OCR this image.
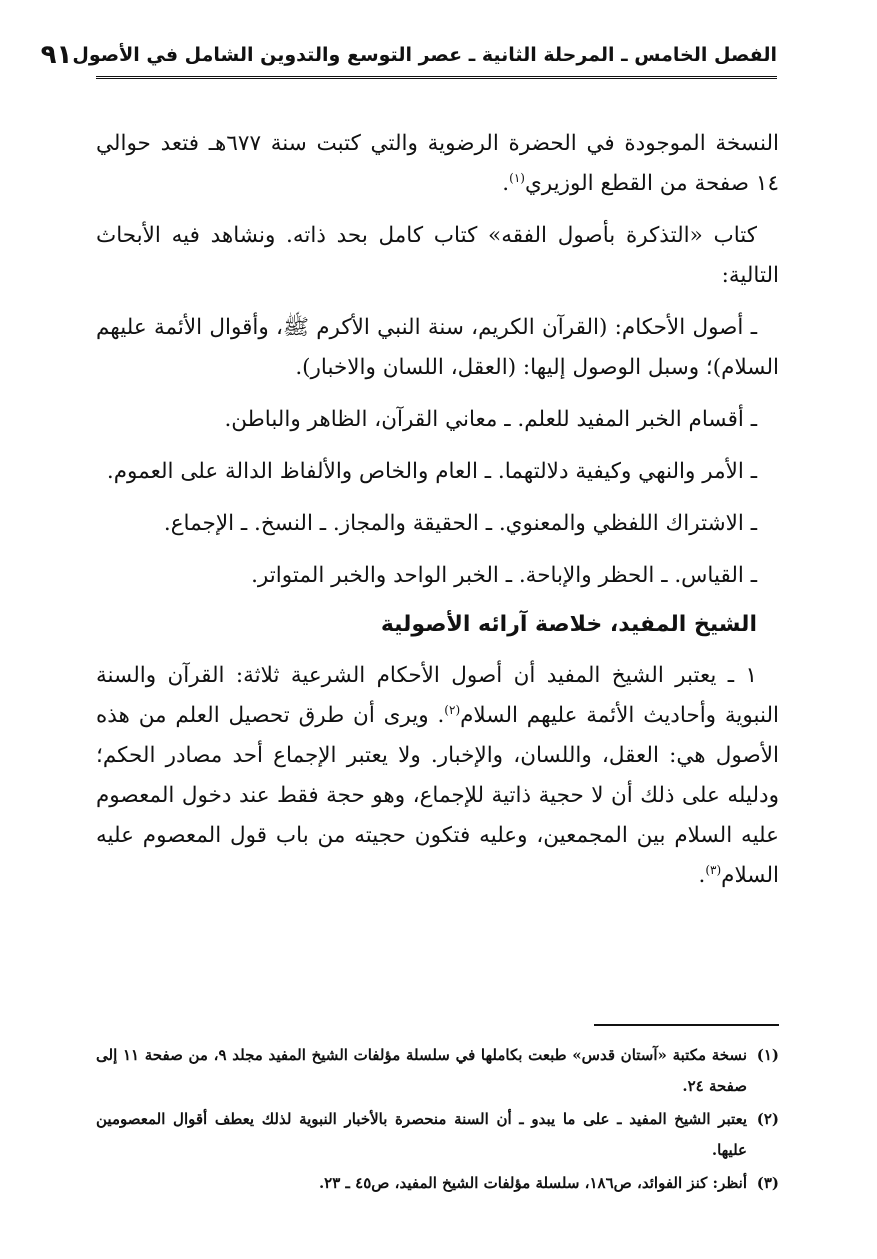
الفصل الخامس ـ المرحلة الثانية ـ عصر التوسع والتدوين الشامل في الأصول
٩١

النسخة الموجودة في الحضرة الرضوية والتي كتبت سنة ٦٧٧هـ فتعد حوالي ١٤ صفحة من القطع الوزيري$^{(١)}$.

كتاب «التذكرة بأصول الفقه» كتاب كامل بحد ذاته. ونشاهد فيه الأبحاث التالية:

ـ أصول الأحكام: (القرآن الكريم، سنة النبي الأكرم ﷺ، وأقوال الأئمة عليهم السلام)؛ وسبل الوصول إليها: (العقل، اللسان والاخبار).

ـ أقسام الخبر المفيد للعلم. ـ معاني القرآن، الظاهر والباطن.

ـ الأمر والنهي وكيفية دلالتهما. ـ العام والخاص والألفاظ الدالة على العموم.

ـ الاشتراك اللفظي والمعنوي. ـ الحقيقة والمجاز. ـ النسخ. ـ الإجماع.

ـ القياس. ـ الحظر والإباحة. ـ الخبر الواحد والخبر المتواتر.

الشيخ المفيد، خلاصة آرائه الأصولية

١ ـ يعتبر الشيخ المفيد أن أصول الأحكام الشرعية ثلاثة: القرآن والسنة النبوية وأحاديث الأئمة عليهم السلام$^{(٢)}$. ويرى أن طرق تحصيل العلم من هذه الأصول هي: العقل، واللسان، والإخبار. ولا يعتبر الإجماع أحد مصادر الحكم؛ ودليله على ذلك أن لا حجية ذاتية للإجماع، وهو حجة فقط عند دخول المعصوم عليه السلام بين المجمعين، وعليه فتكون حجيته من باب قول المعصوم عليه السلام$^{(٣)}$.

(١)
نسخة مكتبة «آستان قدس» طبعت بكاملها في سلسلة مؤلفات الشيخ المفيد مجلد ٩، من صفحة ١١ إلى صفحة ٢٤.
(٢)
يعتبر الشيخ المفيد ـ على ما يبدو ـ أن السنة منحصرة بالأخبار النبوية لذلك يعطف أقوال المعصومين عليها.
(٣)
أنظر: كنز الفوائد، ص١٨٦، سلسلة مؤلفات الشيخ المفيد، ص٤٥ ـ ٢٣.
